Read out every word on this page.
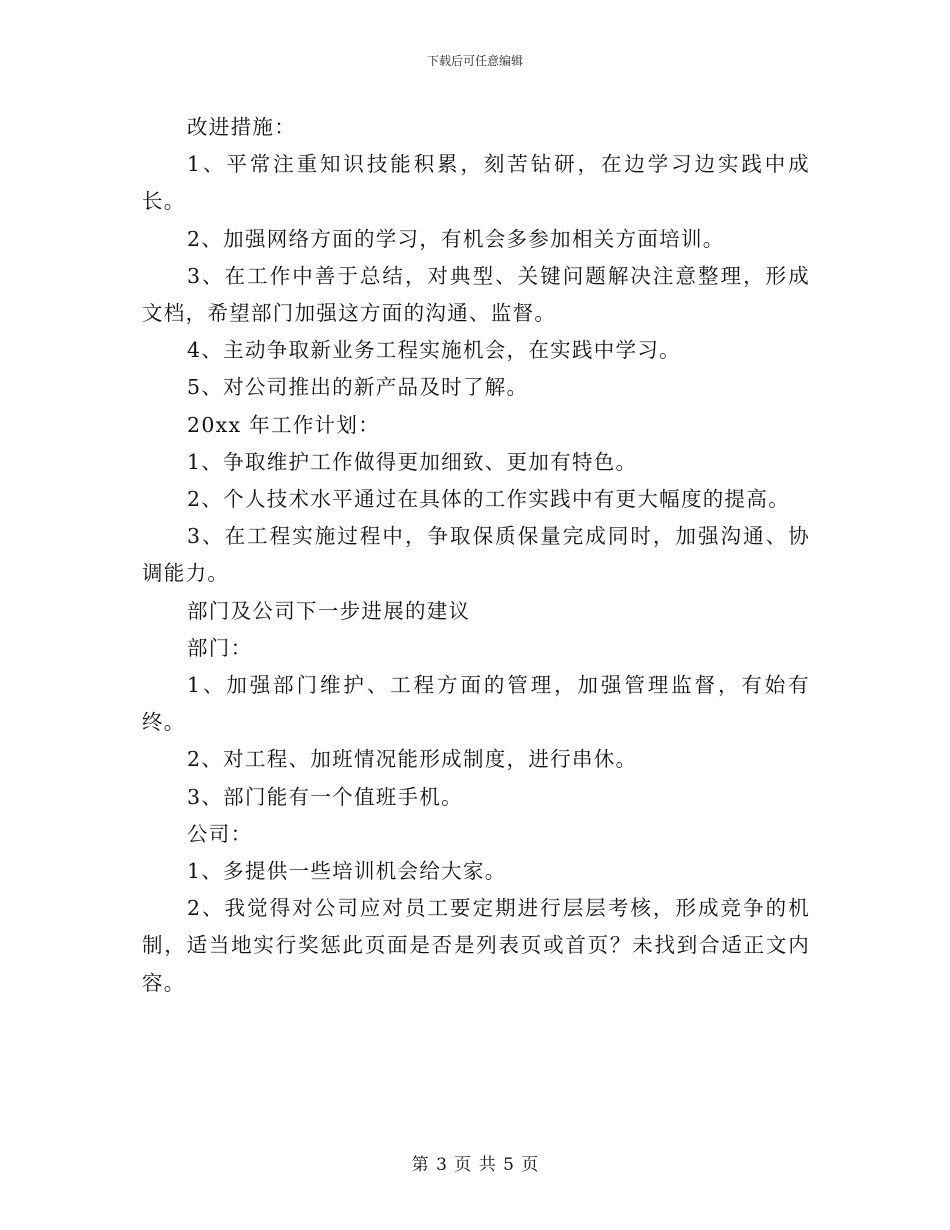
下载后可任意编辑

改进措施：

1、平常注重知识技能积累，刻苦钻研，在边学习边实践中成长。

2、加强网络方面的学习，有机会多参加相关方面培训。

3、在工作中善于总结，对典型、关键问题解决注意整理，形成文档，希望部门加强这方面的沟通、监督。

4、主动争取新业务工程实施机会，在实践中学习。

5、对公司推出的新产品及时了解。

20xx 年工作计划：

1、争取维护工作做得更加细致、更加有特色。

2、个人技术水平通过在具体的工作实践中有更大幅度的提高。

3、在工程实施过程中，争取保质保量完成同时，加强沟通、协调能力。

部门及公司下一步进展的建议

部门：

1、加强部门维护、工程方面的管理，加强管理监督，有始有终。

2、对工程、加班情况能形成制度，进行串休。

3、部门能有一个值班手机。

公司：

1、多提供一些培训机会给大家。

2、我觉得对公司应对员工要定期进行层层考核，形成竞争的机制，适当地实行奖惩此页面是否是列表页或首页？未找到合适正文内容。

第 3 页 共 5 页
